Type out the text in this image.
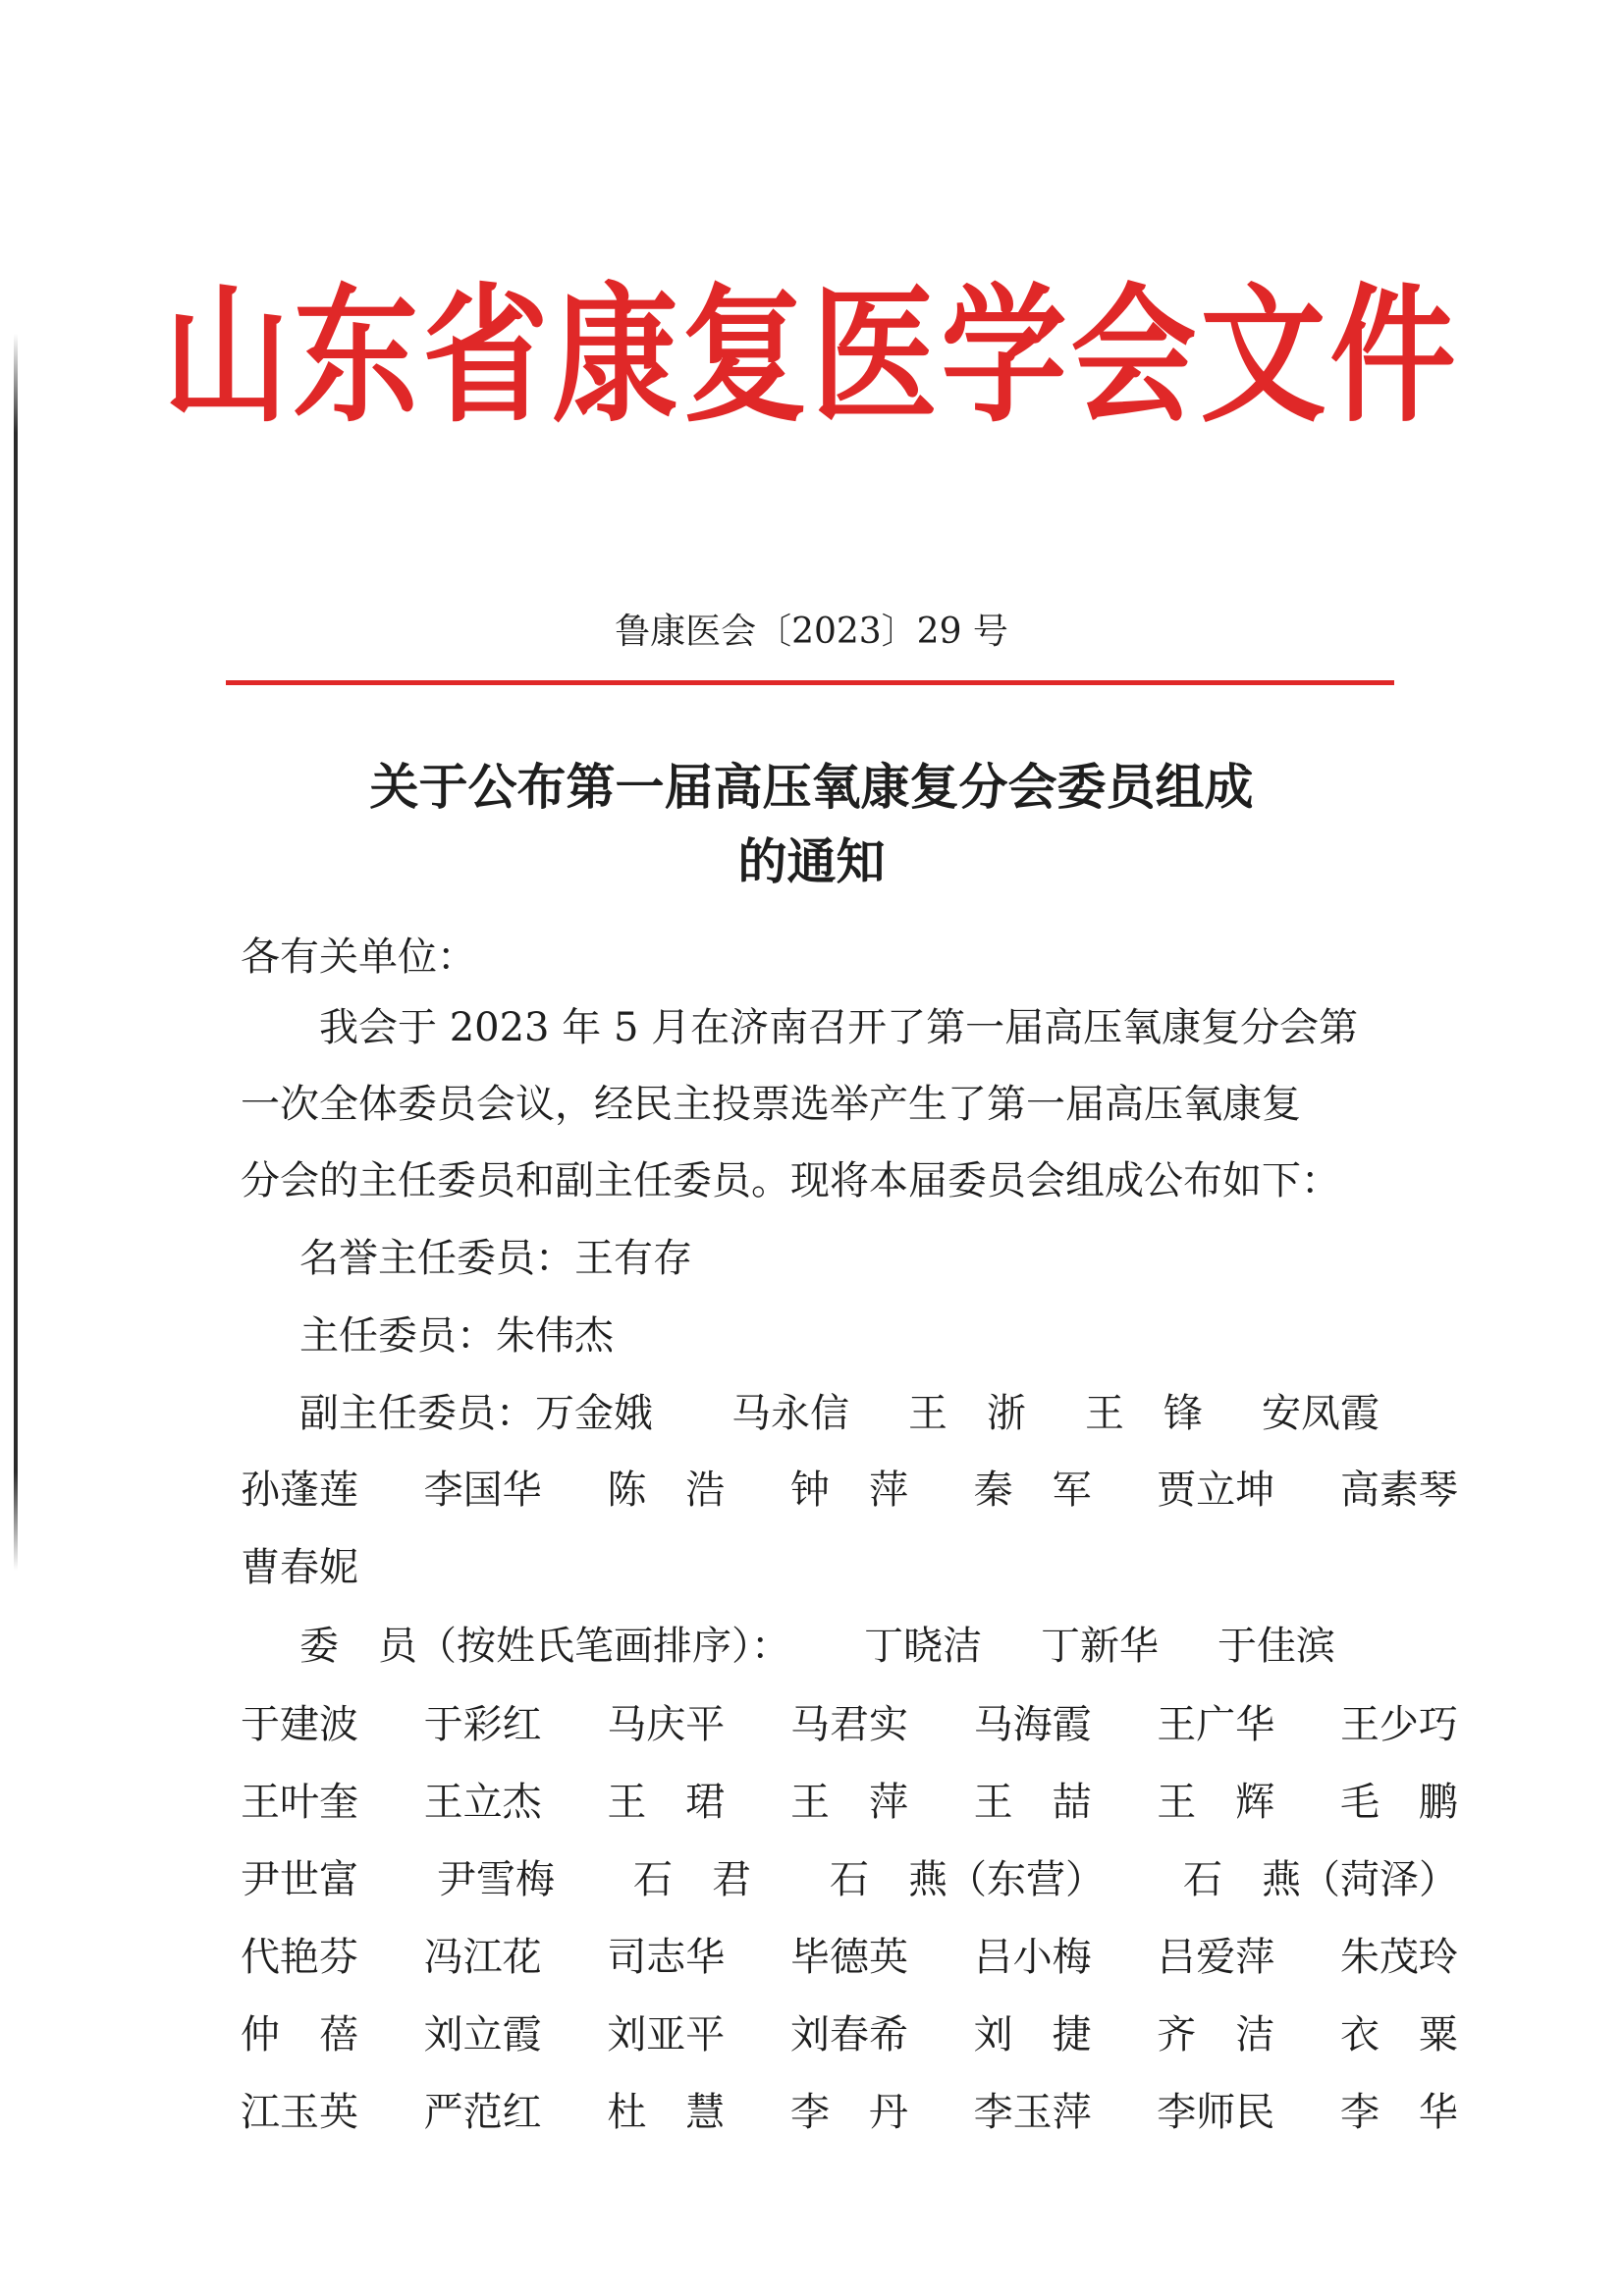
山东省康复医学会文件
鲁康医会〔2023〕29 号
关于公布第一届高压氧康复分会委员组成
的通知
各有关单位：
我会于 2023 年 5 月在济南召开了第一届高压氧康复分会第
一次全体委员会议，经民主投票选举产生了第一届高压氧康复
分会的主任委员和副主任委员。现将本届委员会组成公布如下：
名誉主任委员：王有存
主任委员：朱伟杰
副主任委员：万金娥 马永信 王　浙 王　锋 安凤霞
孙蓬莲 李国华 陈　浩 钟　萍 秦　军 贾立坤 高素琴
曹春妮
委　员（按姓氏笔画排序）： 丁晓洁 丁新华 于佳滨
于建波 于彩红 马庆平 马君实 马海霞 王广华 王少巧
王叶奎 王立杰 王　珺 王　萍 王　喆 王　辉 毛　鹏
尹世富 尹雪梅 石　君 石　燕（东营） 石　燕（菏泽）
代艳芬 冯江花 司志华 毕德英 吕小梅 吕爱萍 朱茂玲
仲　蓓 刘立霞 刘亚平 刘春希 刘　捷 齐　洁 衣　粟
江玉英 严范红 杜　慧 李　丹 李玉萍 李师民 李　华
